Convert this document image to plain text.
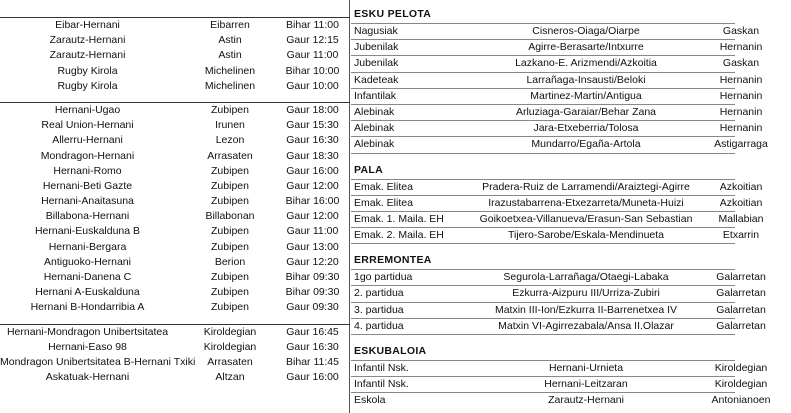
Eibar-Hernani	Eibarren	Bihar 11:00
Zarautz-Hernani	Astin	Gaur 12:15
Zarautz-Hernani	Astin	Gaur 11:00
Rugby Kirola	Michelinen	Bihar 10:00
Rugby Kirola	Michelinen	Gaur 10:00
Hernani-Ugao	Zubipen	Gaur 18:00
Real Union-Hernani	Irunen	Gaur 15:30
Allerru-Hernani	Lezon	Gaur 16:30
Mondragon-Hernani	Arrasaten	Gaur 18:30
Hernani-Romo	Zubipen	Gaur 16:00
Hernani-Beti Gazte	Zubipen	Gaur 12:00
Hernani-Anaitasuna	Zubipen	Bihar 16:00
Billabona-Hernani	Billabonan	Gaur 12:00
Hernani-Euskalduna B	Zubipen	Gaur 11:00
Hernani-Bergara	Zubipen	Gaur 13:00
Antiguoko-Hernani	Berion	Gaur 12:20
Hernani-Danena C	Zubipen	Bihar 09:30
Hernani A-Euskalduna	Zubipen	Bihar 09:30
Hernani B-Hondarribia A	Zubipen	Gaur 09:30
Hernani-Mondragon Unibertsitatea	Kiroldegian	Gaur 16:45
Hernani-Easo 98	Kiroldegian	Gaur 16:30
Mondragon Unibertsitatea B-Hernani Txiki	Arrasaten	Bihar 11:45
Askatuak-Hernani	Altzan	Gaur 16:00
ESKU PELOTA
Nagusiak	Cisneros-Oiaga/Oiarpe	Gaskan
Jubenilak	Agirre-Berasarte/Intxurre	Hernanin
Jubenilak	Lazkano-E. Arizmendi/Azkoitia	Gaskan
Kadeteak	Larrañaga-Insausti/Beloki	Hernanin
Infantilak	Martinez-Martin/Antigua	Hernanin
Alebinak	Arluziaga-Garaiar/Behar Zana	Hernanin
Alebinak	Jara-Etxeberria/Tolosa	Hernanin
Alebinak	Mundarro/Egaña-Artola	Astigarraga
PALA
Emak. Elitea	Pradera-Ruiz de Larramendi/Araiztegi-Agirre	Azkoitian
Emak. Elitea	Irazustabarrena-Etxezarreta/Muneta-Huizi	Azkoitian
Emak. 1. Maila. EH	Goikoetxea-Villanueva/Erasun-San Sebastian	Mallabian
Emak. 2. Maila. EH	Tijero-Sarobe/Eskala-Mendinueta	Etxarrin
ERREMONTEA
1go partidua	Segurola-Larrañaga/Otaegi-Labaka	Galarretan
2. partidua	Ezkurra-Aizpuru III/Urriza-Zubiri	Galarretan
3. partidua	Matxin III-Ion/Ezkurra II-Barrenetxea IV	Galarretan
4. partidua	Matxin VI-Agirrezabala/Ansa II.Olazar	Galarretan
ESKUBALOIA
Infantil Nsk.	Hernani-Urnieta	Kiroldegian
Infantil Nsk.	Hernani-Leitzaran	Kiroldegian
Eskola	Zarautz-Hernani	Antonianoen
